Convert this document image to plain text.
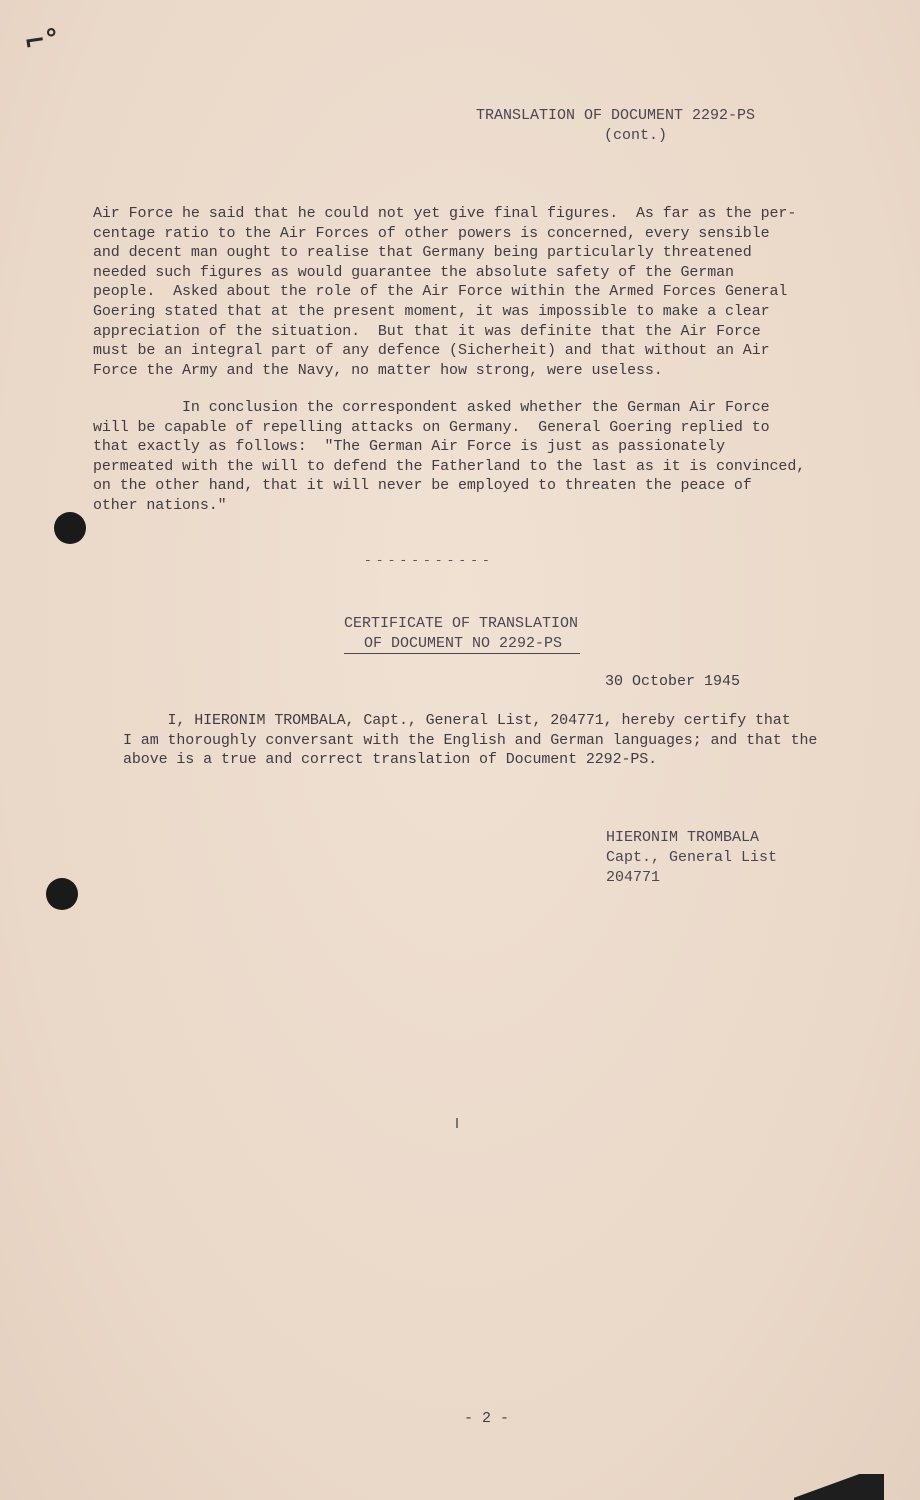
⌐°
TRANSLATION OF DOCUMENT 2292-PS
(cont.)
Air Force he said that he could not yet give final figures.  As far as the per-
centage ratio to the Air Forces of other powers is concerned, every sensible
and decent man ought to realise that Germany being particularly threatened
needed such figures as would guarantee the absolute safety of the German
people.  Asked about the role of the Air Force within the Armed Forces General
Goering stated that at the present moment, it was impossible to make a clear
appreciation of the situation.  But that it was definite that the Air Force
must be an integral part of any defence (Sicherheit) and that without an Air
Force the Army and the Navy, no matter how strong, were useless.
In conclusion the correspondent asked whether the German Air Force
will be capable of repelling attacks on Germany.  General Goering replied to
that exactly as follows:  "The German Air Force is just as passionately
permeated with the will to defend the Fatherland to the last as it is convinced,
on the other hand, that it will never be employed to threaten the peace of
other nations."
-----------
CERTIFICATE OF TRANSLATION
OF DOCUMENT NO 2292-PS
30 October 1945
I, HIERONIM TROMBALA, Capt., General List, 204771, hereby certify that
I am thoroughly conversant with the English and German languages; and that the
above is a true and correct translation of Document 2292-PS.
HIERONIM TROMBALA
Capt., General List
204771
- 2 -
